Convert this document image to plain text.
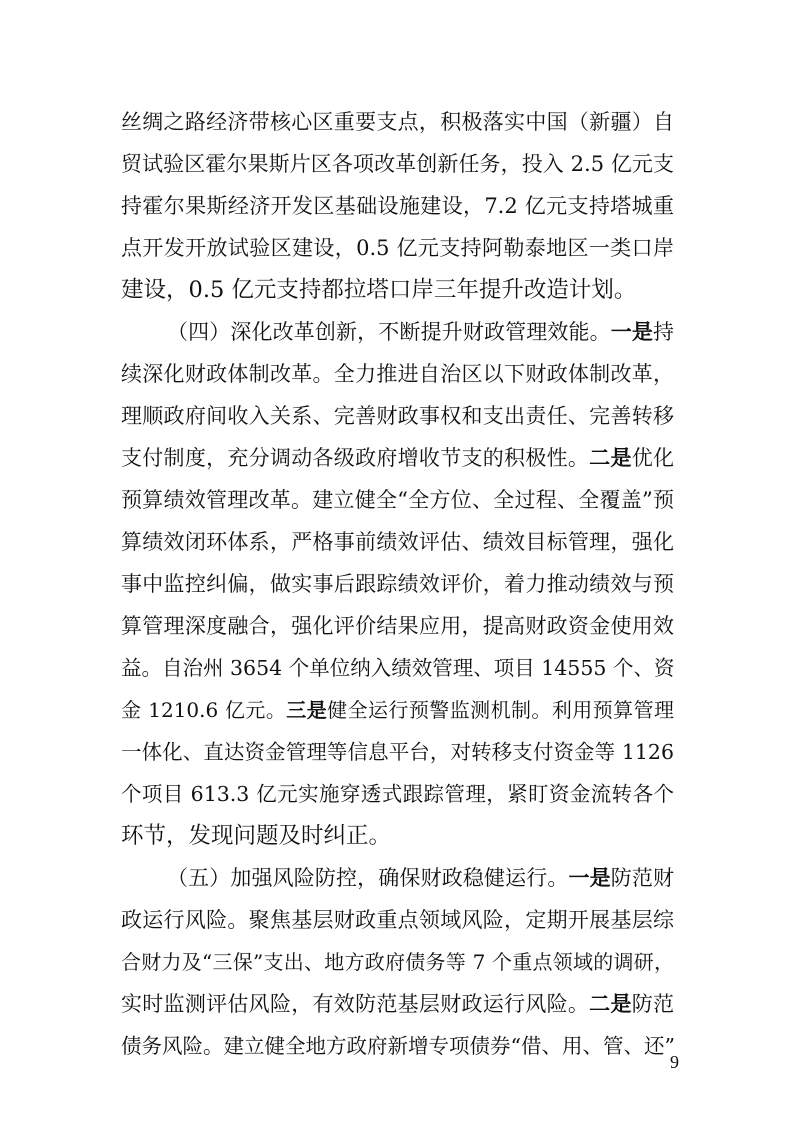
丝绸之路经济带核心区重要支点，积极落实中国（新疆）自
贸试验区霍尔果斯片区各项改革创新任务，投入 2.5 亿元支
持霍尔果斯经济开发区基础设施建设，7.2 亿元支持塔城重
点开发开放试验区建设，0.5 亿元支持阿勒泰地区一类口岸
建设，0.5 亿元支持都拉塔口岸三年提升改造计划。
（四）深化改革创新，不断提升财政管理效能。一是持
续深化财政体制改革。全力推进自治区以下财政体制改革，
理顺政府间收入关系、完善财政事权和支出责任、完善转移
支付制度，充分调动各级政府增收节支的积极性。二是优化
预算绩效管理改革。建立健全“全方位、全过程、全覆盖”预
算绩效闭环体系，严格事前绩效评估、绩效目标管理，强化
事中监控纠偏，做实事后跟踪绩效评价，着力推动绩效与预
算管理深度融合，强化评价结果应用，提高财政资金使用效
益。自治州 3654 个单位纳入绩效管理、项目 14555 个、资
金 1210.6 亿元。三是健全运行预警监测机制。利用预算管理
一体化、直达资金管理等信息平台，对转移支付资金等 1126
个项目 613.3 亿元实施穿透式跟踪管理，紧盯资金流转各个
环节，发现问题及时纠正。
（五）加强风险防控，确保财政稳健运行。一是防范财
政运行风险。聚焦基层财政重点领域风险，定期开展基层综
合财力及“三保”支出、地方政府债务等 7 个重点领域的调研，
实时监测评估风险，有效防范基层财政运行风险。二是防范
债务风险。建立健全地方政府新增专项债券“借、用、管、还”
9
